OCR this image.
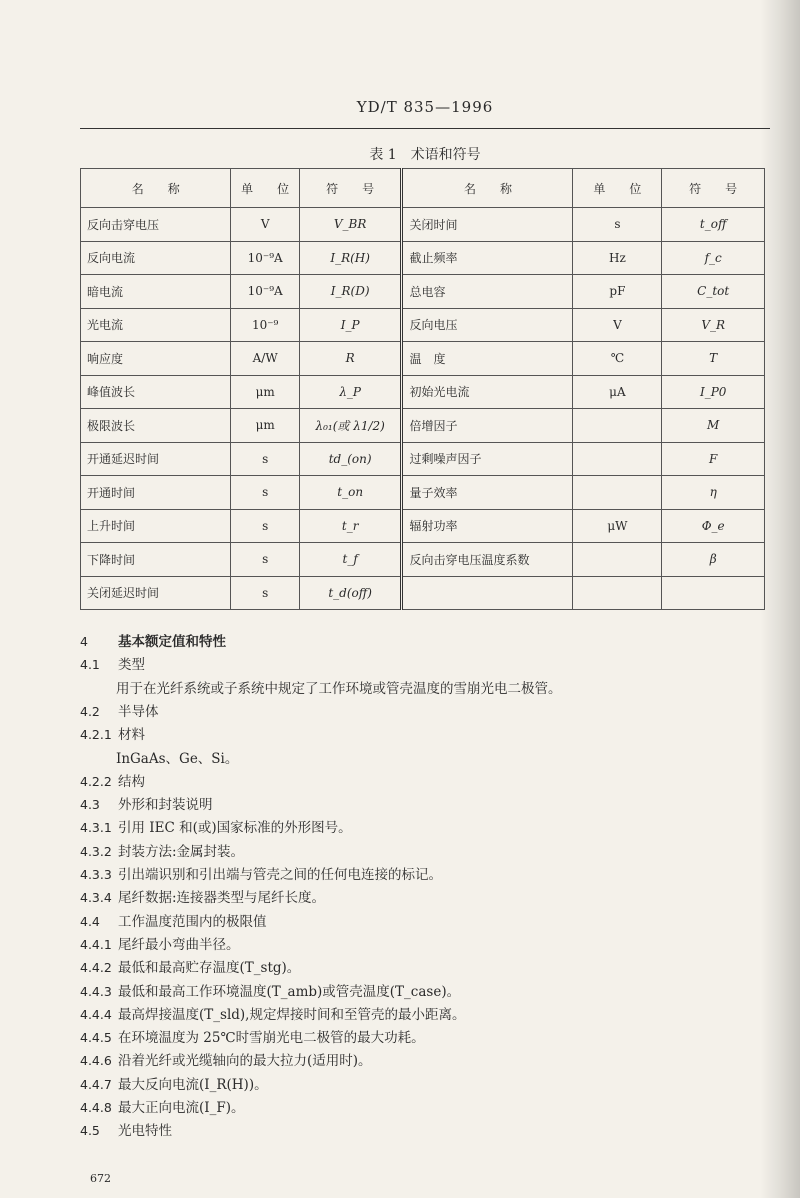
YD/T 835—1996
表 1　术语和符号
名　　称	单　　位	符　　号	名　　称	单　　位	符　　号
反向击穿电压	V	V_BR	关闭时间	s	t_off
反向电流	10⁻⁹A	I_R(H)	截止频率	Hz	f_c
暗电流	10⁻⁹A	I_R(D)	总电容	pF	C_tot
光电流	10⁻⁹	I_P	反向电压	V	V_R
响应度	A/W	R	温　度	℃	T
峰值波长	μm	λ_P	初始光电流	μA	I_P0
极限波长	μm	λ₀₁(或 λ1/2)	倍增因子		M
开通延迟时间	s	td_(on)	过剩噪声因子		F
开通时间	s	t_on	量子效率		η
上升时间	s	t_r	辐射功率	μW	Φ_e
下降时间	s	t_f	反向击穿电压温度系数		β
关闭延迟时间	s	t_d(off)			
4 基本额定值和特性
4.1 类型
用于在光纤系统或子系统中规定了工作环境或管壳温度的雪崩光电二极管。
4.2 半导体
4.2.1 材料
InGaAs、Ge、Si。
4.2.2 结构
4.3 外形和封装说明
4.3.1 引用 IEC 和(或)国家标准的外形图号。
4.3.2 封装方法:金属封装。
4.3.3 引出端识别和引出端与管壳之间的任何电连接的标记。
4.3.4 尾纤数据:连接器类型与尾纤长度。
4.4 工作温度范围内的极限值
4.4.1 尾纤最小弯曲半径。
4.4.2 最低和最高贮存温度(T_stg)。
4.4.3 最低和最高工作环境温度(T_amb)或管壳温度(T_case)。
4.4.4 最高焊接温度(T_sld),规定焊接时间和至管壳的最小距离。
4.4.5 在环境温度为 25℃时雪崩光电二极管的最大功耗。
4.4.6 沿着光纤或光缆轴向的最大拉力(适用时)。
4.4.7 最大反向电流(I_R(H))。
4.4.8 最大正向电流(I_F)。
4.5 光电特性
672
